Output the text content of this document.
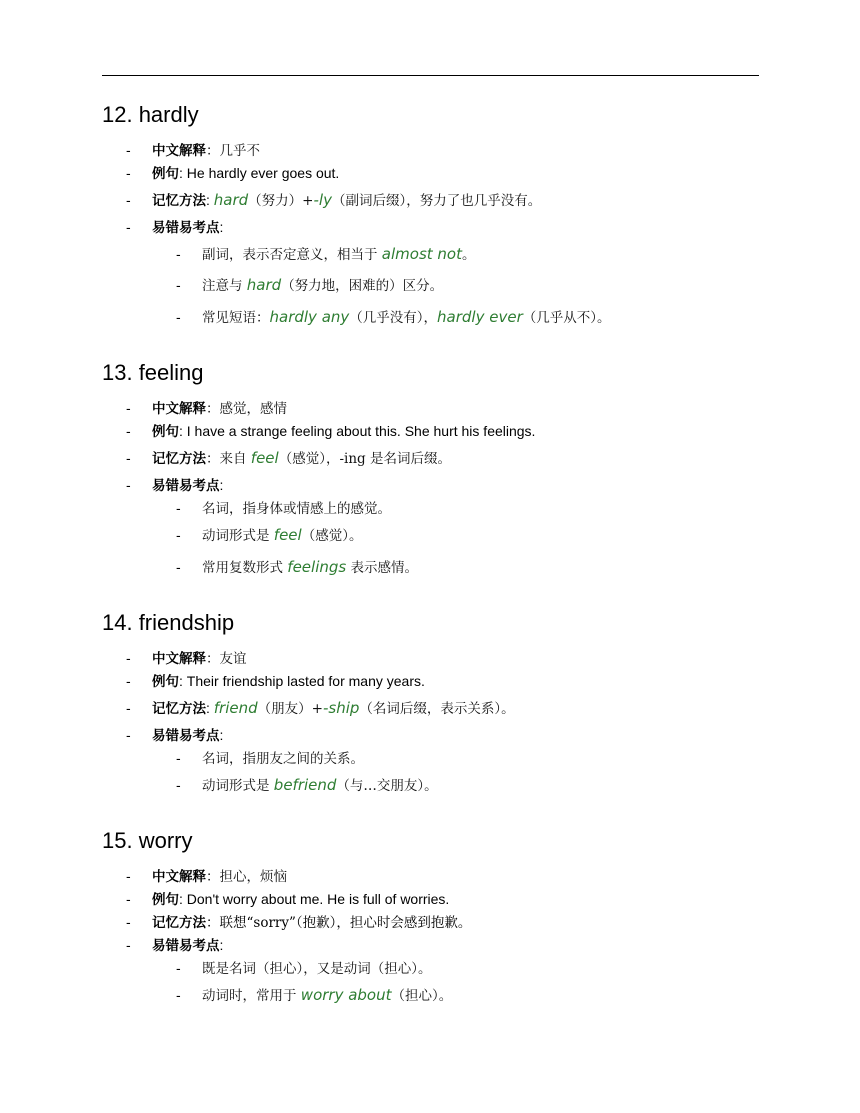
12. hardly
- 中文解释：几乎不
- 例句: He hardly ever goes out.
- 记忆方法: hard（努力）+-ly（副词后缀），努力了也几乎没有。
- 易错易考点:
- 副词，表示否定意义，相当于 almost not。
- 注意与 hard（努力地，困难的）区分。
- 常见短语：hardly any（几乎没有），hardly ever（几乎从不）。
13. feeling
- 中文解释：感觉，感情
- 例句: I have a strange feeling about this. She hurt his feelings.
- 记忆方法：来自 feel（感觉），-ing 是名词后缀。
- 易错易考点:
- 名词，指身体或情感上的感觉。
- 动词形式是 feel（感觉）。
- 常用复数形式 feelings 表示感情。
14. friendship
- 中文解释：友谊
- 例句: Their friendship lasted for many years.
- 记忆方法: friend（朋友）+-ship（名词后缀，表示关系）。
- 易错易考点:
- 名词，指朋友之间的关系。
- 动词形式是 befriend（与…交朋友）。
15. worry
- 中文解释：担心，烦恼
- 例句: Don't worry about me. He is full of worries.
- 记忆方法：联想“sorry”（抱歉），担心时会感到抱歉。
- 易错易考点:
- 既是名词（担心），又是动词（担心）。
- 动词时，常用于 worry about（担心）。
